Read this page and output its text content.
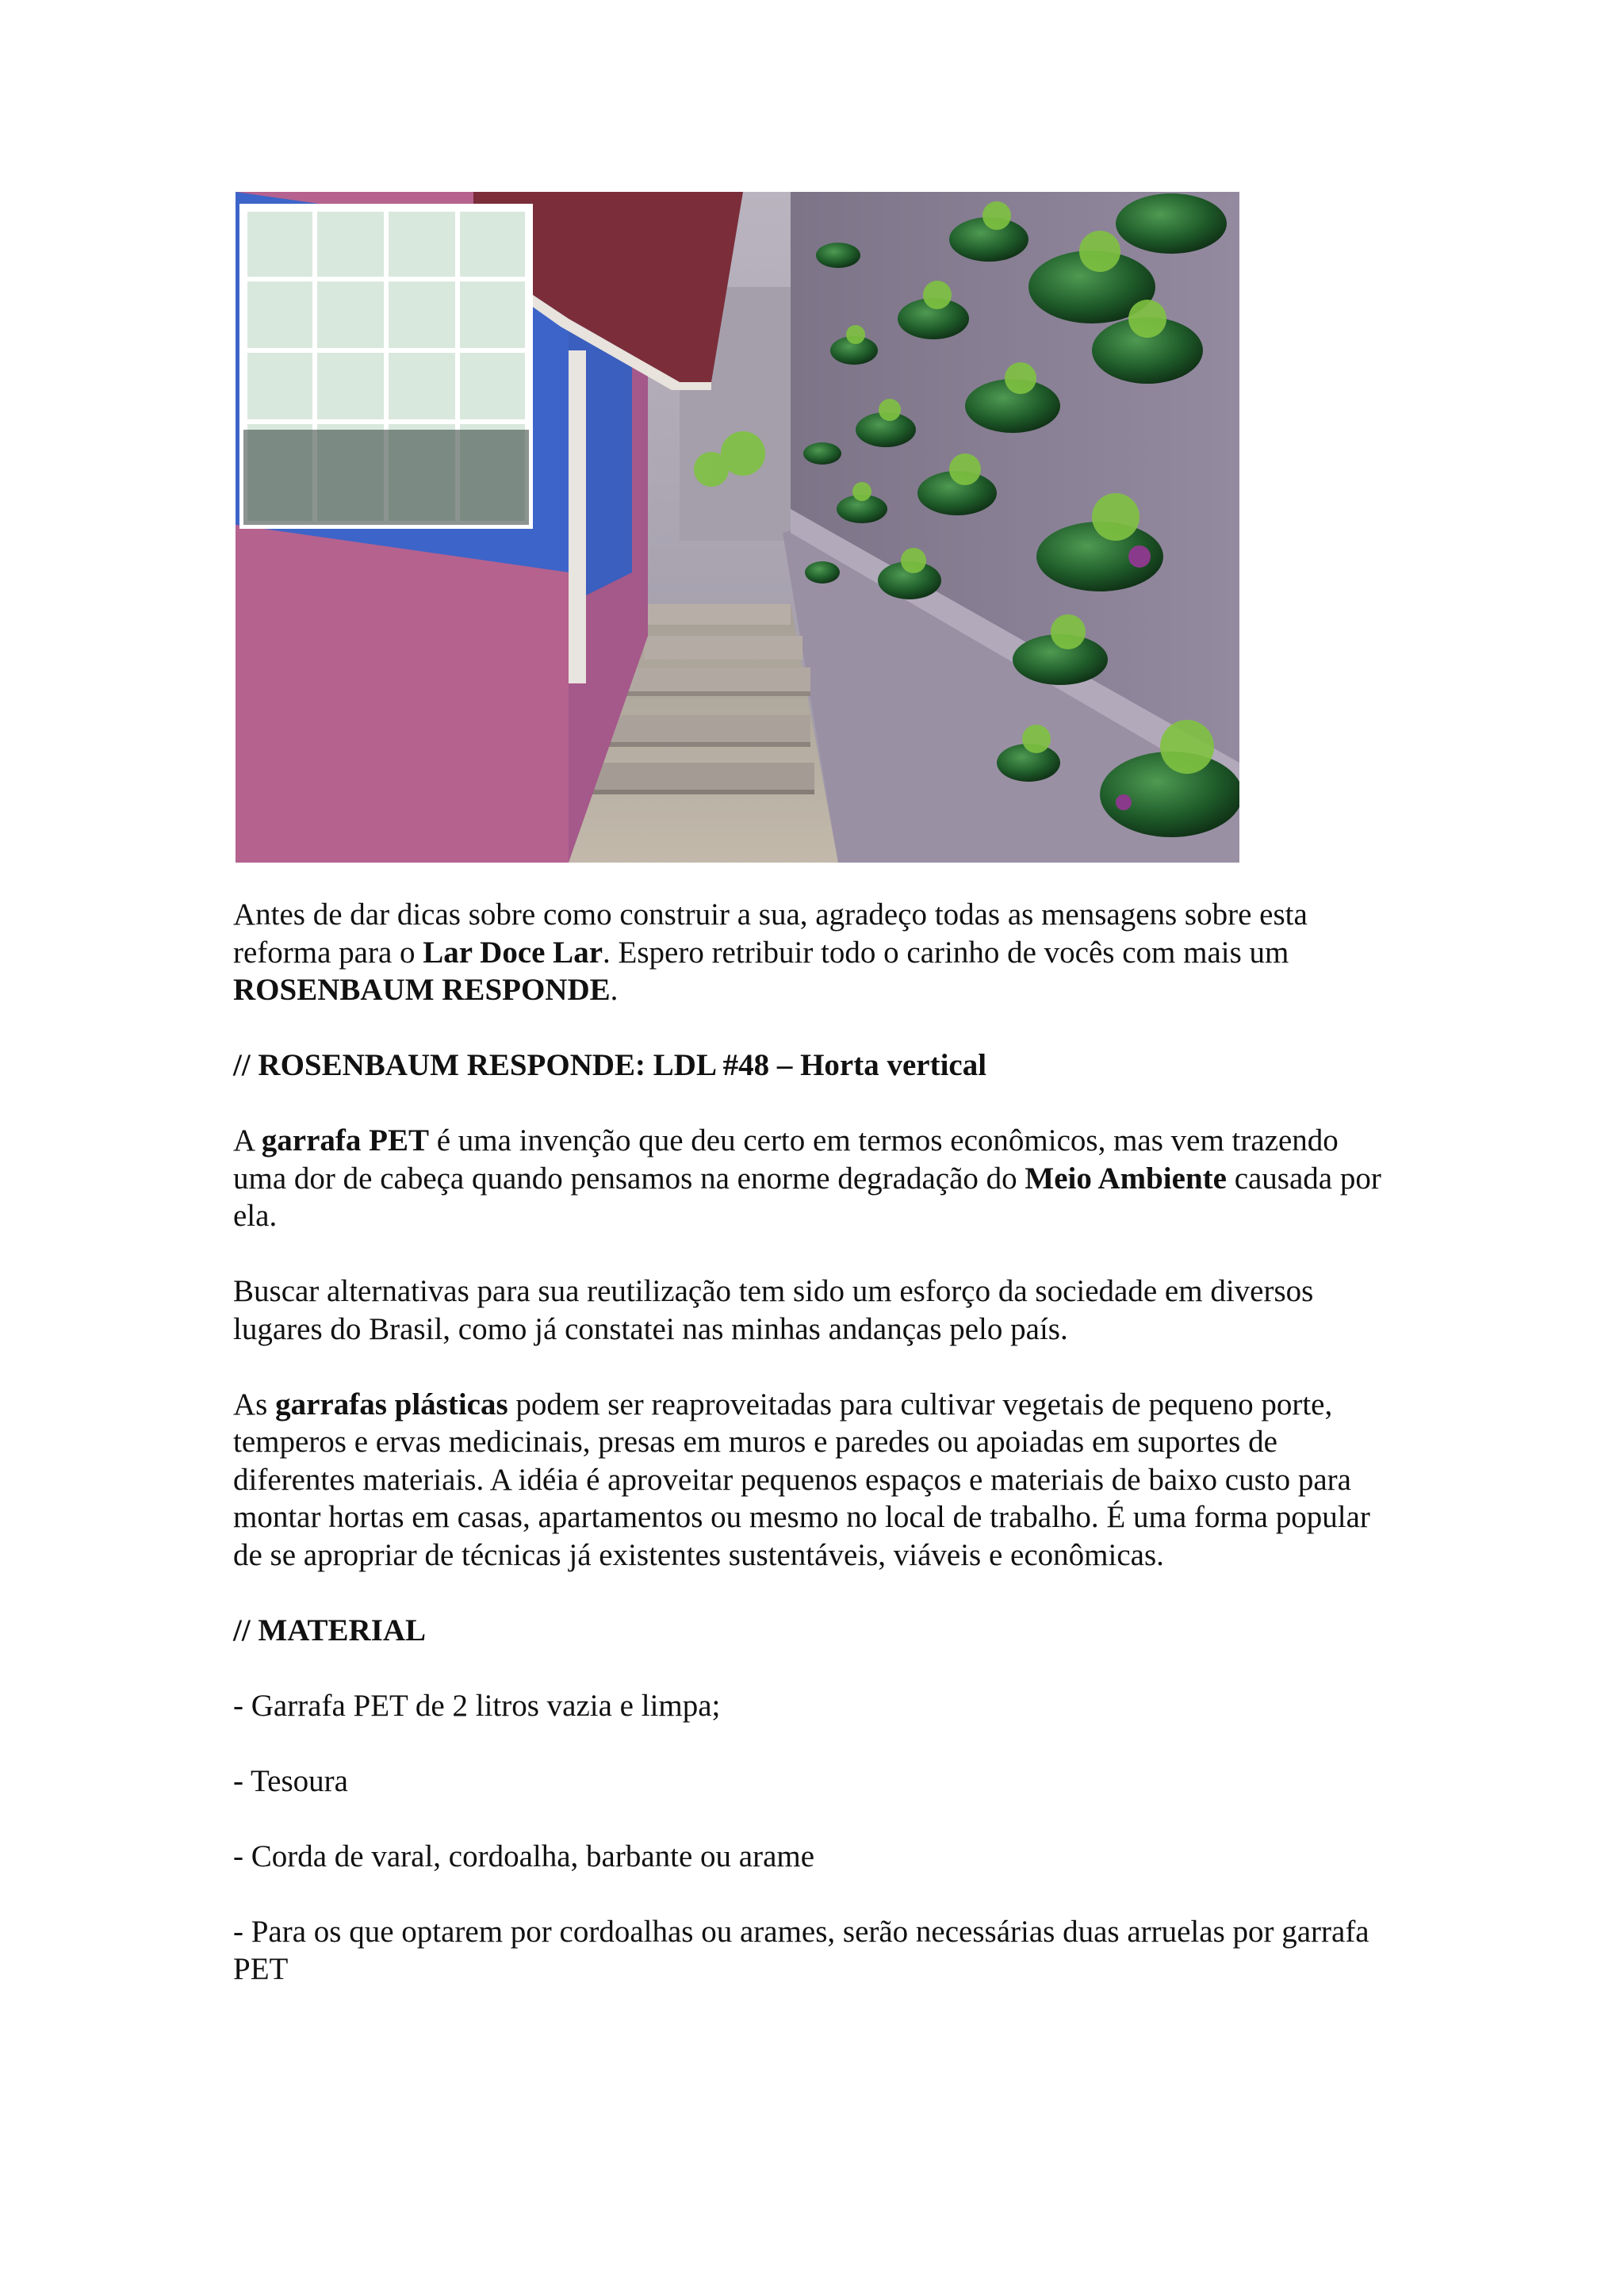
Antes de dar dicas sobre como construir a sua, agradeço todas as mensagens sobre esta reforma para o Lar Doce Lar. Espero retribuir todo o carinho de vocês com mais um ROSENBAUM RESPONDE.

// ROSENBAUM RESPONDE: LDL #48 – Horta vertical

A garrafa PET é uma invenção que deu certo em termos econômicos, mas vem trazendo uma dor de cabeça quando pensamos na enorme degradação do Meio Ambiente causada por ela.

Buscar alternativas para sua reutilização tem sido um esforço da sociedade em diversos lugares do Brasil, como já constatei nas minhas andanças pelo país.

As garrafas plásticas podem ser reaproveitadas para cultivar vegetais de pequeno porte, temperos e ervas medicinais, presas em muros e paredes ou apoiadas em suportes de diferentes materiais. A idéia é aproveitar pequenos espaços e materiais de baixo custo para montar hortas em casas, apartamentos ou mesmo no local de trabalho. É uma forma popular de se apropriar de técnicas já existentes sustentáveis, viáveis e econômicas.

// MATERIAL

- Garrafa PET de 2 litros vazia e limpa;

- Tesoura

- Corda de varal, cordoalha, barbante ou arame

- Para os que optarem por cordoalhas ou arames, serão necessárias duas arruelas por garrafa PET
